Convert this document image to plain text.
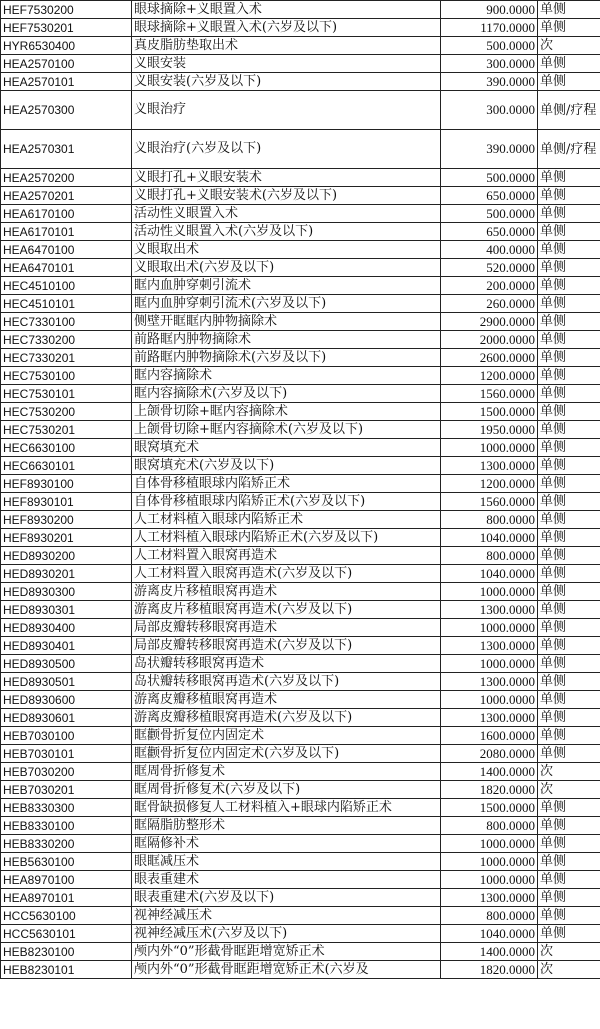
HEF7530200	眼球摘除+义眼置入术	900.0000	单侧
HEF7530201	眼球摘除+义眼置入术(六岁及以下)	1170.0000	单侧
HYR6530400	真皮脂肪垫取出术	500.0000	次
HEA2570100	义眼安装	300.0000	单侧
HEA2570101	义眼安装(六岁及以下)	390.0000	单侧
HEA2570300	义眼治疗	300.0000	单侧/疗程
HEA2570301	义眼治疗(六岁及以下)	390.0000	单侧/疗程
HEA2570200	义眼打孔+义眼安装术	500.0000	单侧
HEA2570201	义眼打孔+义眼安装术(六岁及以下)	650.0000	单侧
HEA6170100	活动性义眼置入术	500.0000	单侧
HEA6170101	活动性义眼置入术(六岁及以下)	650.0000	单侧
HEA6470100	义眼取出术	400.0000	单侧
HEA6470101	义眼取出术(六岁及以下)	520.0000	单侧
HEC4510100	眶内血肿穿刺引流术	200.0000	单侧
HEC4510101	眶内血肿穿刺引流术(六岁及以下)	260.0000	单侧
HEC7330100	侧壁开眶眶内肿物摘除术	2900.0000	单侧
HEC7330200	前路眶内肿物摘除术	2000.0000	单侧
HEC7330201	前路眶内肿物摘除术(六岁及以下)	2600.0000	单侧
HEC7530100	眶内容摘除术	1200.0000	单侧
HEC7530101	眶内容摘除术(六岁及以下)	1560.0000	单侧
HEC7530200	上颌骨切除+眶内容摘除术	1500.0000	单侧
HEC7530201	上颌骨切除+眶内容摘除术(六岁及以下)	1950.0000	单侧
HEC6630100	眼窝填充术	1000.0000	单侧
HEC6630101	眼窝填充术(六岁及以下)	1300.0000	单侧
HEF8930100	自体骨移植眼球内陷矫正术	1200.0000	单侧
HEF8930101	自体骨移植眼球内陷矫正术(六岁及以下)	1560.0000	单侧
HEF8930200	人工材料植入眼球内陷矫正术	800.0000	单侧
HEF8930201	人工材料植入眼球内陷矫正术(六岁及以下)	1040.0000	单侧
HED8930200	人工材料置入眼窝再造术	800.0000	单侧
HED8930201	人工材料置入眼窝再造术(六岁及以下)	1040.0000	单侧
HED8930300	游离皮片移植眼窝再造术	1000.0000	单侧
HED8930301	游离皮片移植眼窝再造术(六岁及以下)	1300.0000	单侧
HED8930400	局部皮瓣转移眼窝再造术	1000.0000	单侧
HED8930401	局部皮瓣转移眼窝再造术(六岁及以下)	1300.0000	单侧
HED8930500	岛状瓣转移眼窝再造术	1000.0000	单侧
HED8930501	岛状瓣转移眼窝再造术(六岁及以下)	1300.0000	单侧
HED8930600	游离皮瓣移植眼窝再造术	1000.0000	单侧
HED8930601	游离皮瓣移植眼窝再造术(六岁及以下)	1300.0000	单侧
HEB7030100	眶颧骨折复位内固定术	1600.0000	单侧
HEB7030101	眶颧骨折复位内固定术(六岁及以下)	2080.0000	单侧
HEB7030200	眶周骨折修复术	1400.0000	次
HEB7030201	眶周骨折修复术(六岁及以下)	1820.0000	次
HEB8330300	眶骨缺损修复人工材料植入+眼球内陷矫正术	1500.0000	单侧
HEB8330100	眶隔脂肪整形术	800.0000	单侧
HEB8330200	眶隔修补术	1000.0000	单侧
HEB5630100	眼眶减压术	1000.0000	单侧
HEA8970100	眼表重建术	1000.0000	单侧
HEA8970101	眼表重建术(六岁及以下)	1300.0000	单侧
HCC5630100	视神经减压术	800.0000	单侧
HCC5630101	视神经减压术(六岁及以下)	1040.0000	单侧
HEB8230100	颅内外“0”形截骨眶距增宽矫正术	1400.0000	次
HEB8230101	颅内外“0”形截骨眶距增宽矫正术(六岁及	1820.0000	次
